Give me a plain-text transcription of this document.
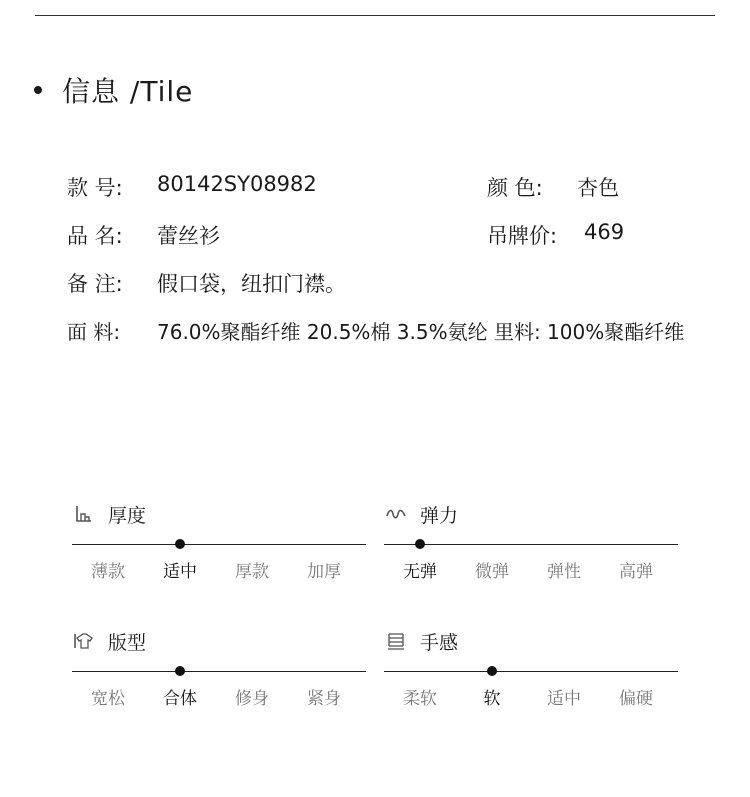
信息 /Tile
款 号:	80142SY08982	颜 色:	杏色
品 名:	蕾丝衫	吊牌价:	469
备 注:	假口袋，纽扣门襟。
面 料:	76.0%聚酯纤维 20.5%棉 3.5%氨纶 里料: 100%聚酯纤维
厚度
薄款 适中 厚款 加厚
弹力
无弹 微弹 弹性 高弹
版型
宽松 合体 修身 紧身
手感
柔软	软	适中 偏硬
